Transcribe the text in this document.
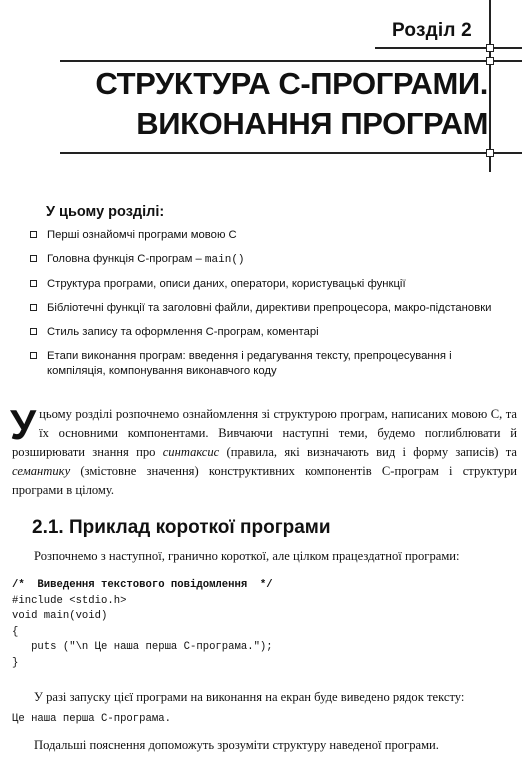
Розділ 2
СТРУКТУРА С-ПРОГРАМИ.
ВИКОНАННЯ ПРОГРАМ
У цьому розділі:
Перші ознайомчі програми мовою С
Головна функція С-програм – main()
Структура програми, описи даних, оператори, користувацькі функції
Бібліотечні функції та заголовні файли, директиви препроцесора, макро-підстановки
Стиль запису та оформлення С-програм, коментарі
Етапи виконання програм: введення і редагування тексту, препроцесування і компіляція, компонування виконавчого коду
У цьому розділі розпочнемо ознайомлення зі структурою програм, написаних мовою С, та їх основними компонентами. Вивчаючи наступні теми, будемо поглиблювати й розширювати знання про синтаксис (правила, які визначають вид і форму записів) та семантику (змістовне значення) конструктивних компонентів С-програм і структури програми в цілому.
2.1. Приклад короткої програми
Розпочнемо з наступної, гранично короткої, але цілком працездатної програми:
/*  Виведення текстового повідомлення  */
#include <stdio.h>
void main(void)
{
puts ("\n Це наша перша С-програма.");
}
У разі запуску цієї програми на виконання на екран буде виведено рядок тексту:
Це наша перша С-програма.
Подальші пояснення допоможуть зрозуміти структуру наведеної програми.
